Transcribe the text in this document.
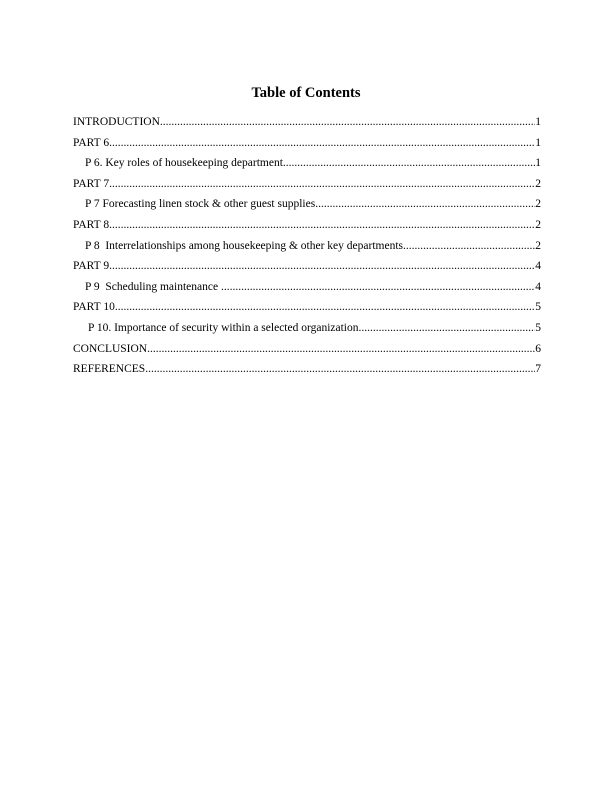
Table of Contents
INTRODUCTION .....	1
PART 6 .....	1
P 6. Key roles of housekeeping department .....	1
PART 7 .....	2
P 7 Forecasting linen stock & other guest supplies .....	2
PART 8 .....	2
P 8  Interrelationships among housekeeping & other key departments .....	2
PART 9 .....	4
P 9  Scheduling maintenance .....	4
PART 10 .....	5
P 10. Importance of security within a selected organization .....	5
CONCLUSION .....	6
REFERENCES .....	7
